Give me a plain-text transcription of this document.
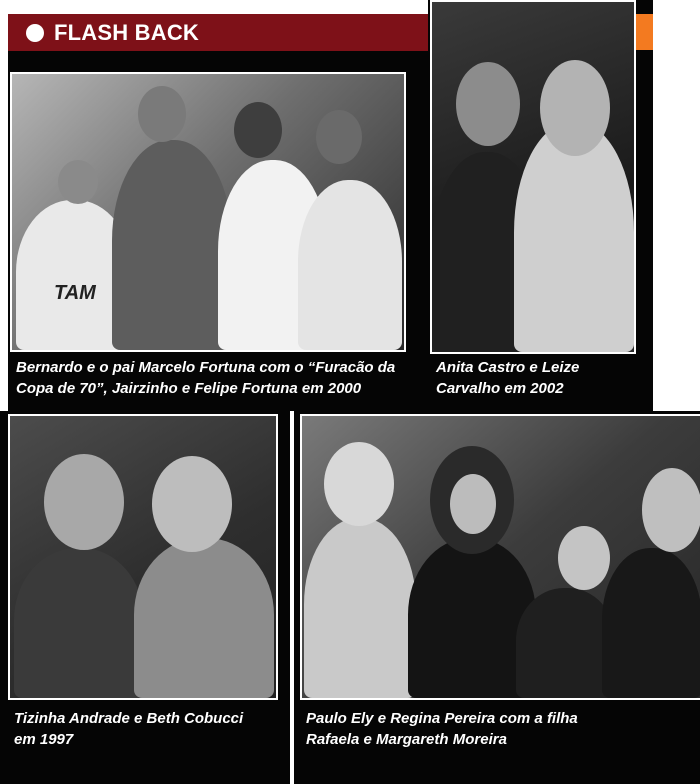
FLASH BACK
TAM
Bernardo e o pai Marcelo Fortuna com o “Furacão da
Copa de 70”, Jairzinho e Felipe Fortuna em 2000
Anita Castro e Leize
Carvalho em 2002
Tizinha Andrade e Beth Cobucci
em 1997
Paulo Ely e Regina Pereira com a filha
Rafaela e Margareth Moreira
